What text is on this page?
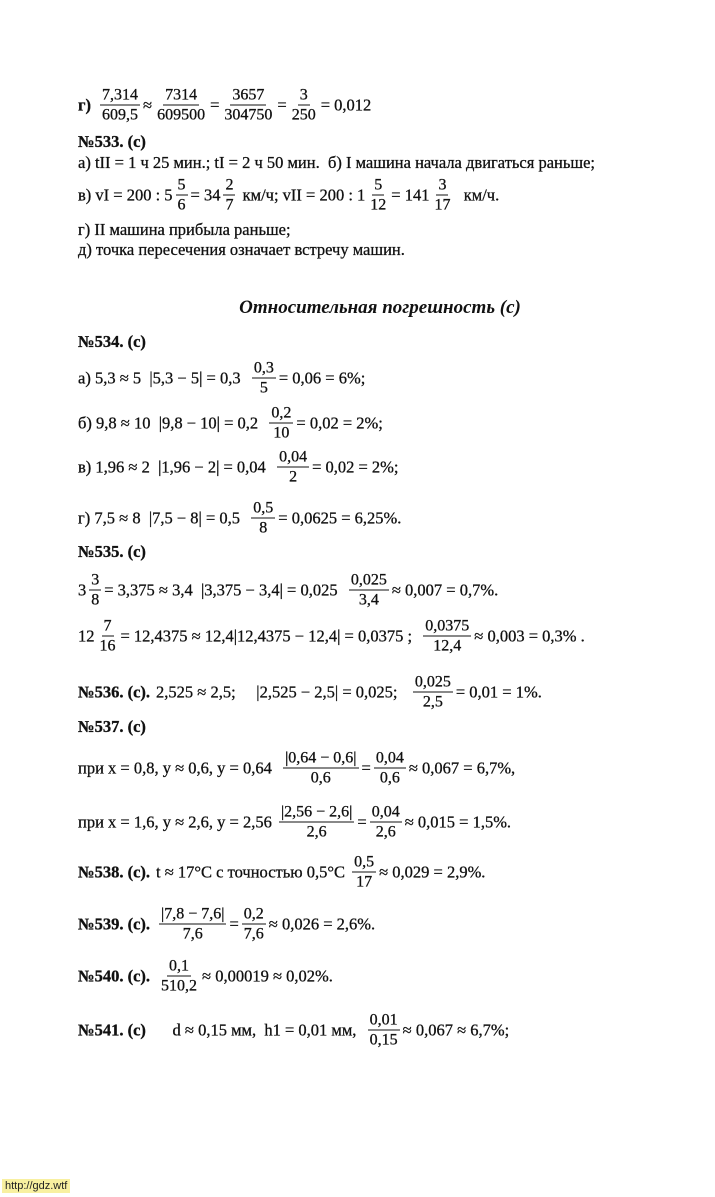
Относительная погрешность (с)
http://gdz.wtf
$г) \frac{7,314}{609,5} \approx \frac{7314}{609500} = \frac{3657}{304750} = \frac{3}{250} = 0,012$
№533. (с)
а) tII = 1 ч 25 мин.; tI = 2 ч 50 мин.  б) I машина начала двигаться раньше;
в) vI = 200 : $5 \frac{5}{6} = 34 \frac{2}{7} км/ч$; vII = 200 : $1 \frac{5}{12} = 141 \frac{3}{17} км/ч$.
г) II машина прибыла раньше;
д) точка пересечения означает встречу машин.
№534. (с)
а) 5,3 ≈ 5  $|5,3 - 5| = 0,3 \frac{0,3}{5} = 0,06 = 6\%$;
б) 9,8 ≈ 10  $|9,8 - 10| = 0,2 \frac{0,2}{10} = 0,02 = 2\%$;
в) 1,96 ≈ 2  $|1,96 - 2| = 0,04 \frac{0,04}{2} = 0,02 = 2\%$;
г) 7,5 ≈ 8  $|7,5 - 8| = 0,5 \frac{0,5}{8} = 0,0625 = 6,25\%$.
№535. (с)
$3 \frac{3}{8} = 3,375 \approx 3,4$  $|3,375 - 3,4| = 0,025 \frac{0,025}{3,4} \approx 0,007 = 0,7\%$.
$12 \frac{7}{16} = 12,4375 \approx 12,4|12,4375 - 12,4| = 0,0375$ ; $\frac{0,0375}{12,4} \approx 0,003 = 0,3\%$ .
№536. (с). 2,525 ≈ 2,5;     |2,525 − 2,5| = 0,025; $\frac{0,025}{2,5} = 0,01 = 1\%$.
№537. (с)
при x = 0,8, y ≈ 0,6, $y = 0,64 \frac{|0,64 - 0,6|}{0,6} = \frac{0,04}{0,6} \approx 0,067 = 6,7\%$,
при x = 1,6, y ≈ 2,6, $y = 2,56 \frac{|2,56 - 2,6|}{2,6} = \frac{0,04}{2,6} \approx 0,015 = 1,5\%$.
№538. (с). t ≈ 17°C с точностью $0,5^\circ C \frac{0,5}{17} \approx 0,029 = 2,9\%$.
№539. (с). $\frac{|7,8 - 7,6|}{7,6} = \frac{0,2}{7,6} \approx 0,026 = 2,6\%$.
№540. (с). $\frac{0,1}{510,2} \approx 0,00019 \approx 0,02\%$.
№541. (с) d ≈ 0,15 мм,  h1 = 0,01 мм, $\frac{0,01}{0,15} \approx 0,067 \approx 6,7\%$;
